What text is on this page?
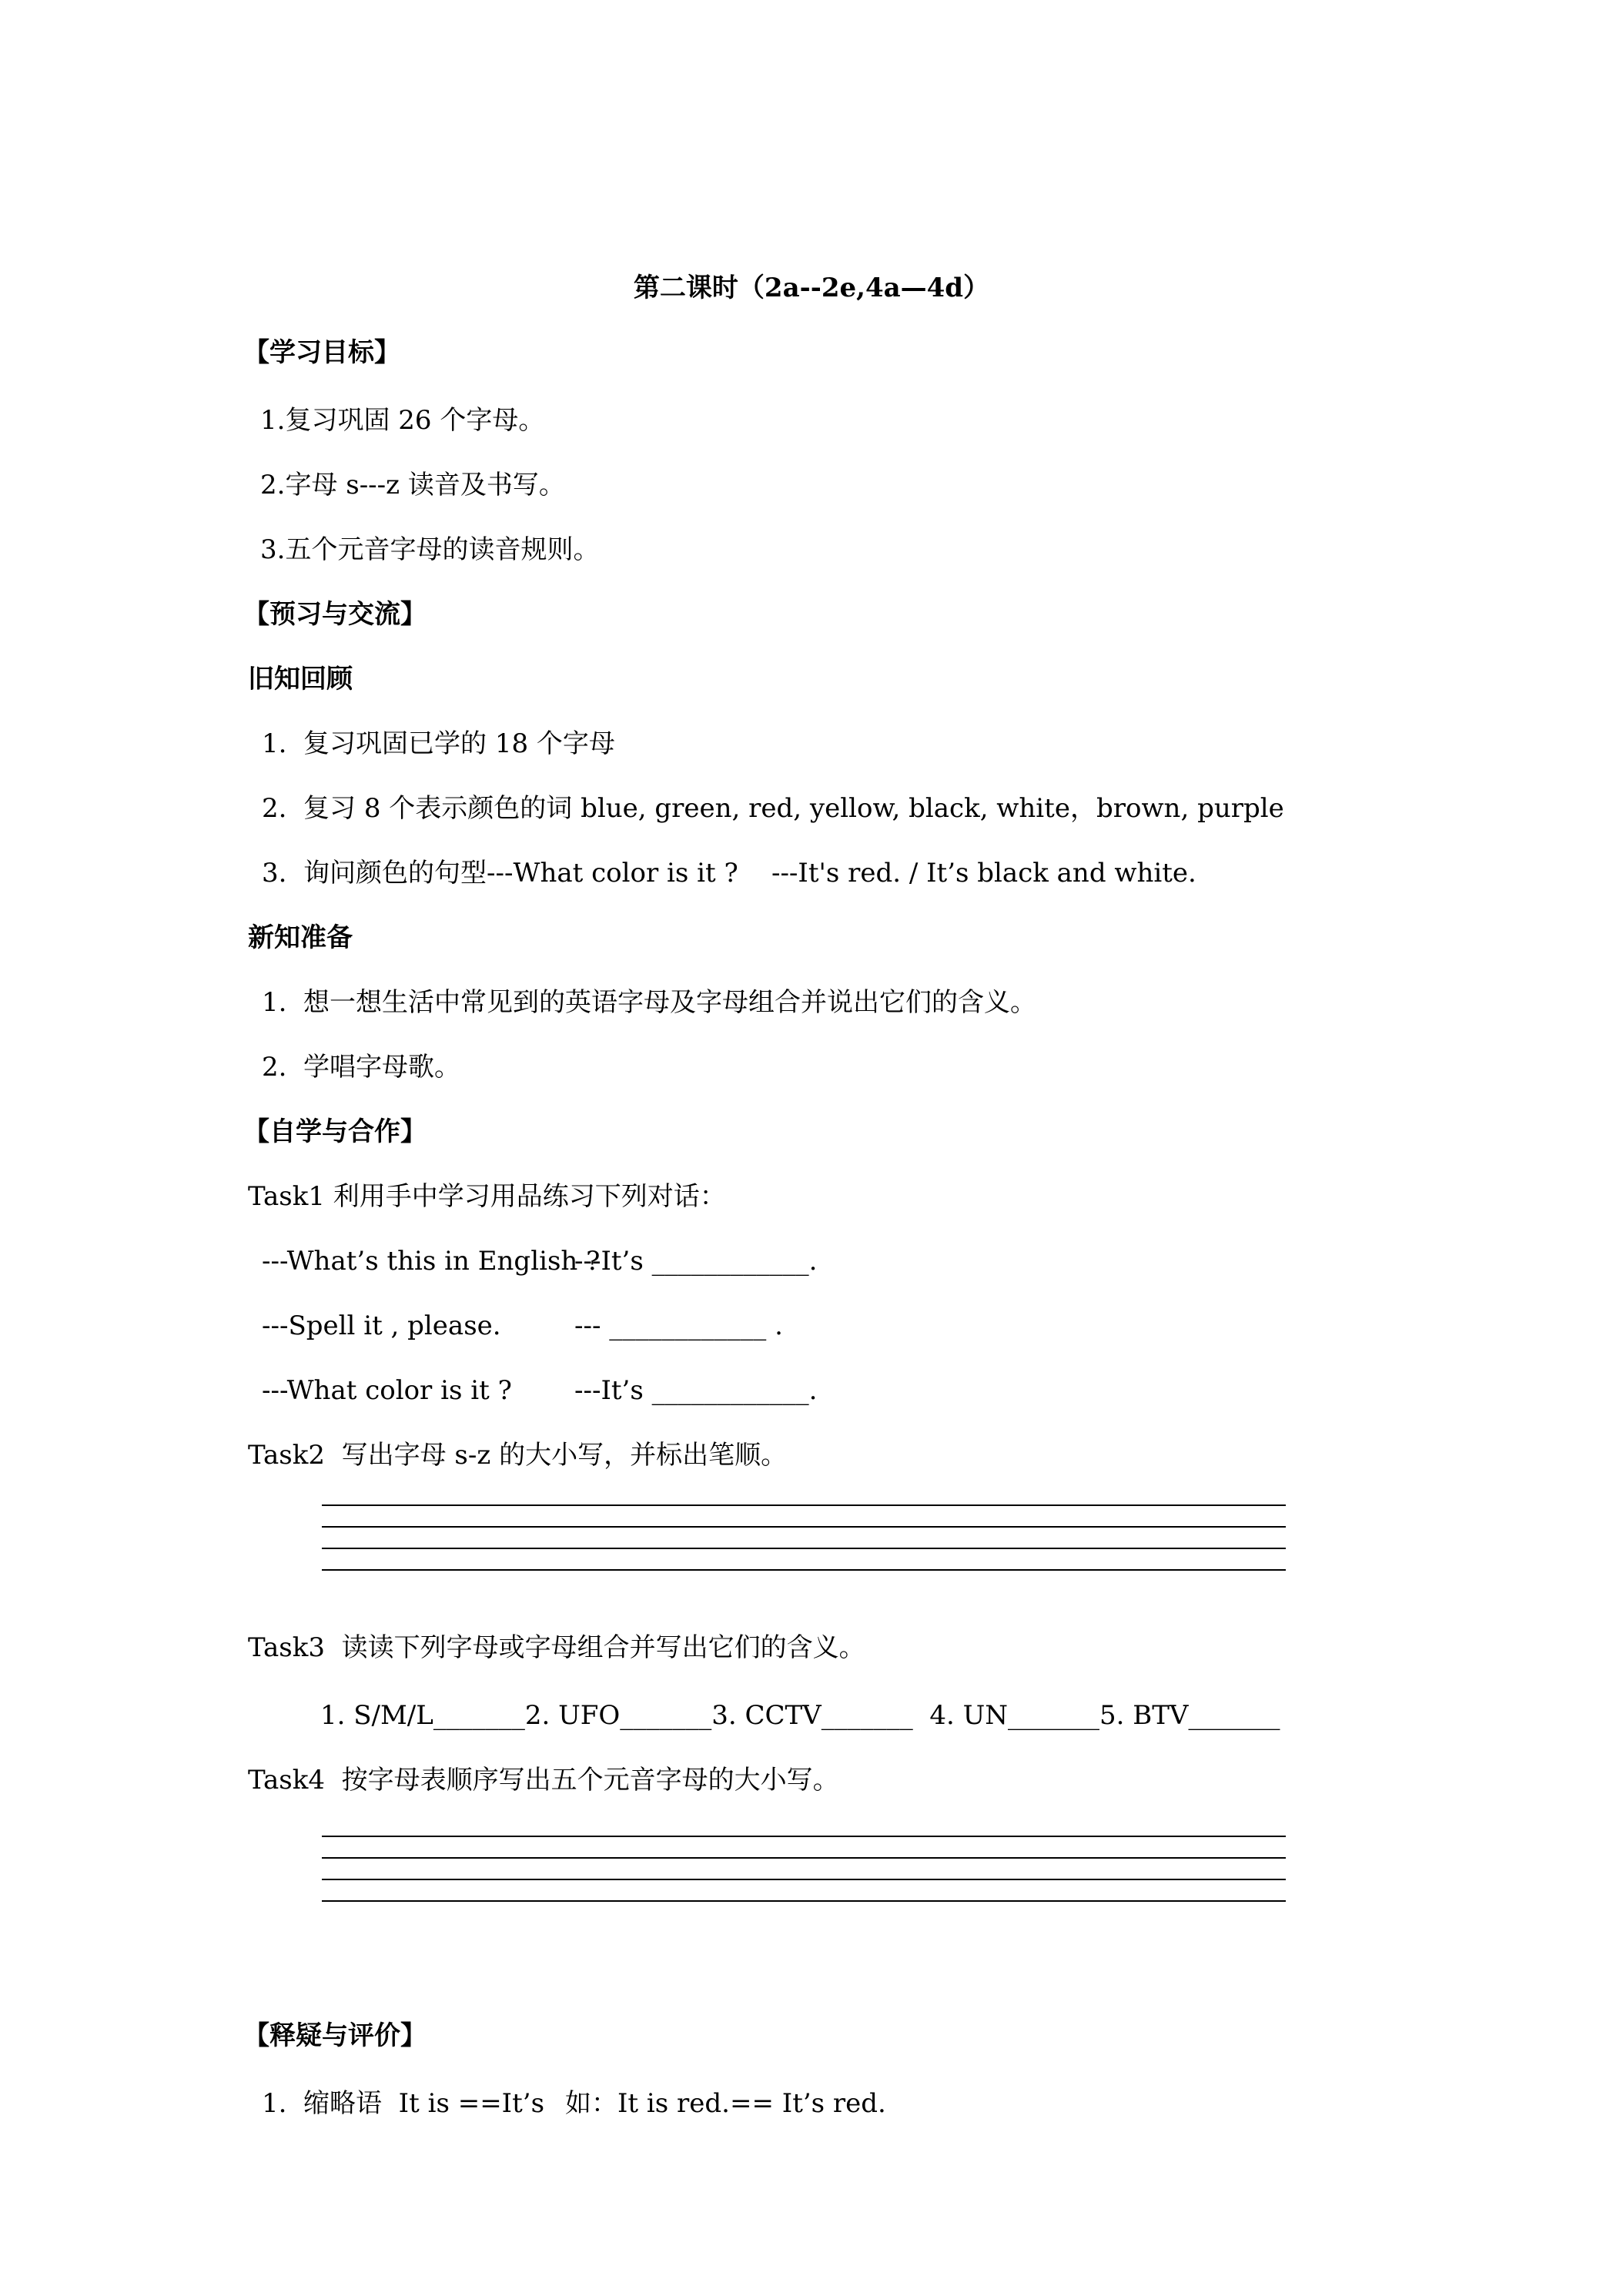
第二课时（2a--2e,4a—4d）
【学习目标】
1.复习巩固 26 个字母。
2.字母 s---z 读音及书写。
3.五个元音字母的读音规则。
【预习与交流】
旧知回顾
1.  复习巩固已学的 18 个字母
2.  复习 8 个表示颜色的词 blue, green, red, yellow, black, white，brown, purple
3.  询问颜色的句型---What color is it ?    ---It's red. / It’s black and white.
新知准备
1.  想一想生活中常见到的英语字母及字母组合并说出它们的含义。
2.  学唱字母歌。
【自学与合作】
Task1 利用手中学习用品练习下列对话：
---What’s this in English ?
---It’s ____________.
---Spell it , please.	--- ____________ .
---What color is it ? ---It’s ____________.
Task2  写出字母 s-z 的大小写，并标出笔顺。
Task3  读读下列字母或字母组合并写出它们的含义。
1. S/M/L_______2. UFO_______3. CCTV_______  4. UN_______5. BTV_______
Task4  按字母表顺序写出五个元音字母的大小写。
【释疑与评价】
1.  缩略语  It is ==It’s 如：It is red.== It’s red.
